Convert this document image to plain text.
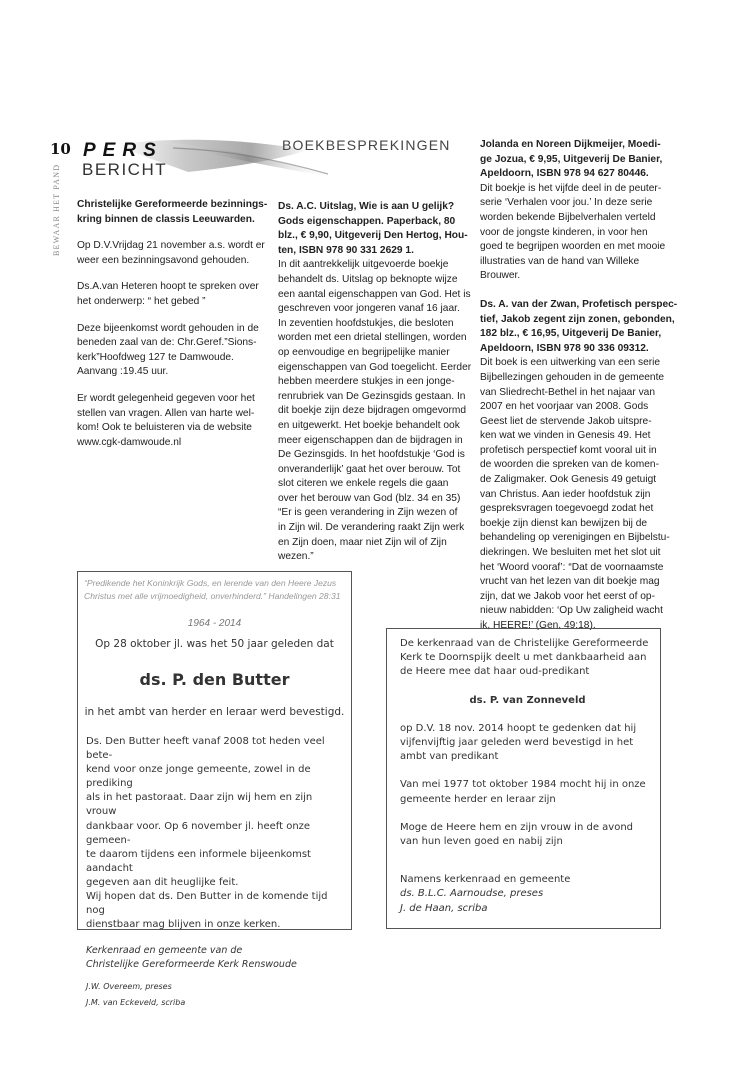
10
BEWAAR HET PAND
PERS
BERICHT
BOEKBESPREKINGEN

Christelijke Gereformeerde bezinnings-
kring binnen de classis Leeuwarden.

Op D.V.Vrijdag 21 november a.s. wordt er
weer een bezinningsavond gehouden.

Ds.A.van Heteren hoopt te spreken over
het onderwerp: “ het gebed ”

Deze bijeenkomst wordt gehouden in de
beneden zaal van de: Chr.Geref.”Sions-
kerk”Hoofdweg 127 te Damwoude.
Aanvang :19.45 uur.

Er wordt gelegenheid gegeven voor het
stellen van vragen. Allen van harte wel-
kom! Ook te beluisteren via de website
www.cgk-damwoude.nl

Ds. A.C. Uitslag, Wie is aan U gelijk?
Gods eigenschappen. Paperback, 80
blz., € 9,90, Uitgeverij Den Hertog, Hou-
ten, ISBN 978 90 331 2629 1.

In dit aantrekkelijk uitgevoerde boekje
behandelt ds. Uitslag op beknopte wijze
een aantal eigenschappen van God. Het is
geschreven voor jongeren vanaf 16 jaar.
In zeventien hoofdstukjes, die besloten
worden met een drietal stellingen, worden
op eenvoudige en begrijpelijke manier
eigenschappen van God toegelicht. Eerder
hebben meerdere stukjes in een jonge-
renrubriek van De Gezinsgids gestaan. In
dit boekje zijn deze bijdragen omgevormd
en uitgewerkt. Het boekje behandelt ook
meer eigenschappen dan de bijdragen in
De Gezinsgids. In het hoofdstukje ‘God is
onveranderlijk’ gaat het over berouw. Tot
slot citeren we enkele regels die gaan
over het berouw van God (blz. 34 en 35)
“Er is geen verandering in Zijn wezen of
in Zijn wil. De verandering raakt Zijn werk
en Zijn doen, maar niet Zijn wil of Zijn
wezen.”

Jolanda en Noreen Dijkmeijer, Moedi-
ge Jozua, € 9,95, Uitgeverij De Banier,
Apeldoorn, ISBN 978 94 627 80446.

Dit boekje is het vijfde deel in de peuter-
serie ‘Verhalen voor jou.’ In deze serie
worden bekende Bijbelverhalen verteld
voor de jongste kinderen, in voor hen
goed te begrijpen woorden en met mooie
illustraties van de hand van Willeke
Brouwer.

Ds. A. van der Zwan, Profetisch perspec-
tief, Jakob zegent zijn zonen, gebonden,
182 blz., € 16,95, Uitgeverij De Banier,
Apeldoorn, ISBN 978 90 336 09312.

Dit boek is een uitwerking van een serie
Bijbellezingen gehouden in de gemeente
van Sliedrecht-Bethel in het najaar van
2007 en het voorjaar van 2008. Gods
Geest liet de stervende Jakob uitspre-
ken wat we vinden in Genesis 49. Het
profetisch perspectief komt vooral uit in
de woorden die spreken van de komen-
de Zaligmaker. Ook Genesis 49 getuigt
van Christus. Aan ieder hoofdstuk zijn
gespreksvragen toegevoegd zodat het
boekje zijn dienst kan bewijzen bij de
behandeling op verenigingen en Bijbelstu-
diekringen. We besluiten met het slot uit
het ‘Woord vooraf’: “Dat de voornaamste
vrucht van het lezen van dit boekje mag
zijn, dat we Jakob voor het eerst of op-
nieuw nabidden: ‘Op Uw zaligheid wacht
ik, HEERE!’ (Gen. 49:18).

“Predikende het Koninkrijk Gods, en lerende van den Heere Jezus
Christus met alle vrijmoedigheid, onverhinderd.” Handelingen 28:31
1964 - 2014
Op 28 oktober jl. was het 50 jaar geleden dat
ds. P. den Butter
in het ambt van herder en leraar werd bevestigd.
Ds. Den Butter heeft vanaf 2008 tot heden veel bete-
kend voor onze jonge gemeente, zowel in de prediking
als in het pastoraat. Daar zijn wij hem en zijn vrouw
dankbaar voor. Op 6 november jl. heeft onze gemeen-
te daarom tijdens een informele bijeenkomst aandacht
gegeven aan dit heuglijke feit.
Wij hopen dat ds. Den Butter in de komende tijd nog
dienstbaar mag blijven in onze kerken.
Kerkenraad en gemeente van de
Christelijke Gereformeerde Kerk Renswoude
J.W. Overeem, preses
J.M. van Eckeveld, scriba
De kerkenraad van de Christelijke Gereformeerde
Kerk te Doornspijk deelt u met dankbaarheid aan
de Heere mee dat haar oud-predikant
ds. P. van Zonneveld
op D.V. 18 nov. 2014 hoopt te gedenken dat hij
vijfenvijftig jaar geleden werd bevestigd in het
ambt van predikant
Van mei 1977 tot oktober 1984 mocht hij in onze
gemeente herder en leraar zijn
Moge de Heere hem en zijn vrouw in de avond
van hun leven goed en nabij zijn
Namens kerkenraad en gemeente
ds. B.L.C. Aarnoudse, preses
J. de Haan, scriba
